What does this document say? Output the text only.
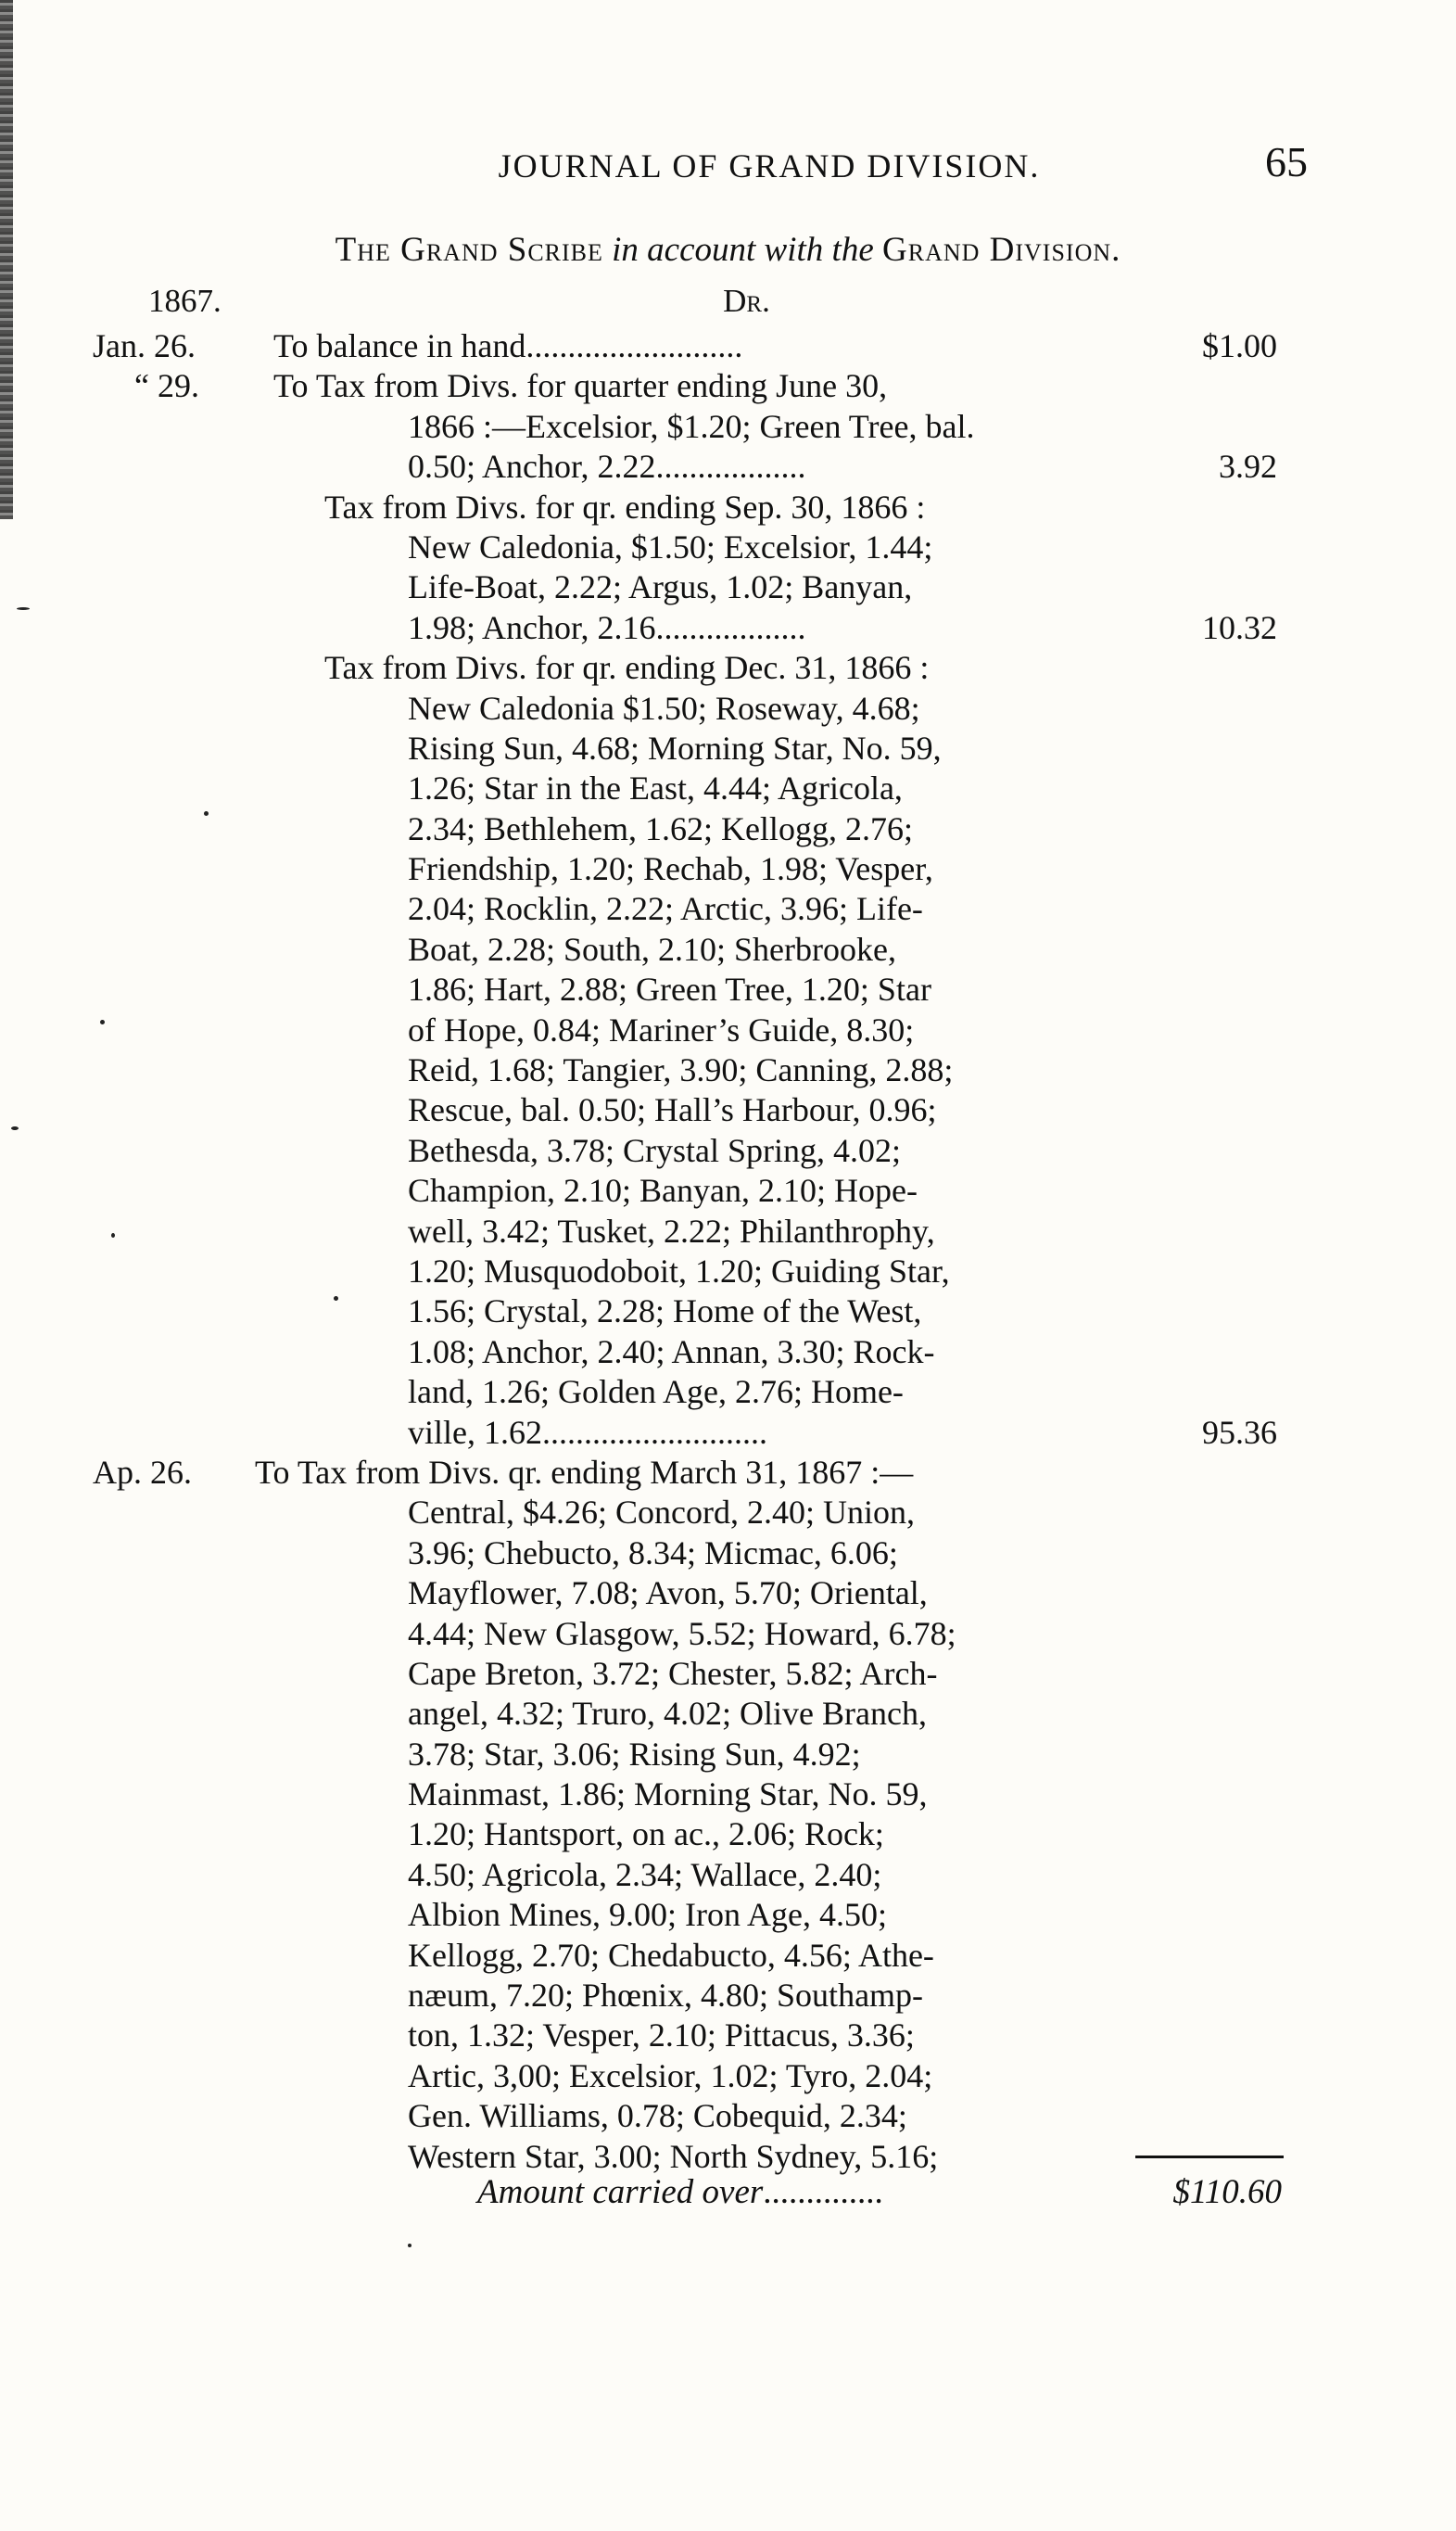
JOURNAL OF GRAND DIVISION.	65
The Grand Scribe in account with the Grand Division.
1867.	Dr.
Jan. 26. To balance in hand..........................	$1.00
“ 29. To Tax from Divs. for quarter ending June 30,
1866 :—Excelsior, $1.20; Green Tree, bal.
0.50; Anchor, 2.22..................	3.92
Tax from Divs. for qr. ending Sep. 30, 1866 :
New Caledonia, $1.50; Excelsior, 1.44;
Life-Boat, 2.22; Argus, 1.02; Banyan,
1.98; Anchor, 2.16..................	10.32
Tax from Divs. for qr. ending Dec. 31, 1866 :
New Caledonia $1.50; Roseway, 4.68;
Rising Sun, 4.68; Morning Star, No. 59,
1.26; Star in the East, 4.44; Agricola,
2.34; Bethlehem, 1.62; Kellogg, 2.76;
Friendship, 1.20; Rechab, 1.98; Vesper,
2.04; Rocklin, 2.22; Arctic, 3.96; Life-
Boat, 2.28; South, 2.10; Sherbrooke,
1.86; Hart, 2.88; Green Tree, 1.20; Star
of Hope, 0.84; Mariner’s Guide, 8.30;
Reid, 1.68; Tangier, 3.90; Canning, 2.88;
Rescue, bal. 0.50; Hall’s Harbour, 0.96;
Bethesda, 3.78; Crystal Spring, 4.02;
Champion, 2.10; Banyan, 2.10; Hope-
well, 3.42; Tusket, 2.22; Philanthrophy,
1.20; Musquodoboit, 1.20; Guiding Star,
1.56; Crystal, 2.28; Home of the West,
1.08; Anchor, 2.40; Annan, 3.30; Rock-
land, 1.26; Golden Age, 2.76; Home-
ville, 1.62...........................	95.36
Ap. 26. To Tax from Divs. qr. ending March 31, 1867 :—
Central, $4.26; Concord, 2.40; Union,
3.96; Chebucto, 8.34; Micmac, 6.06;
Mayflower, 7.08; Avon, 5.70; Oriental,
4.44; New Glasgow, 5.52; Howard, 6.78;
Cape Breton, 3.72; Chester, 5.82; Arch-
angel, 4.32; Truro, 4.02; Olive Branch,
3.78; Star, 3.06; Rising Sun, 4.92;
Mainmast, 1.86; Morning Star, No. 59,
1.20; Hantsport, on ac., 2.06; Rock;
4.50; Agricola, 2.34; Wallace, 2.40;
Albion Mines, 9.00; Iron Age, 4.50;
Kellogg, 2.70; Chedabucto, 4.56; Athe-
næum, 7.20; Phœnix, 4.80; Southamp-
ton, 1.32; Vesper, 2.10; Pittacus, 3.36;
Artic, 3,00; Excelsior, 1.02; Tyro, 2.04;
Gen. Williams, 0.78; Cobequid, 2.34;
Western Star, 3.00; North Sydney, 5.16;
Amount carried over..............	$110.60
